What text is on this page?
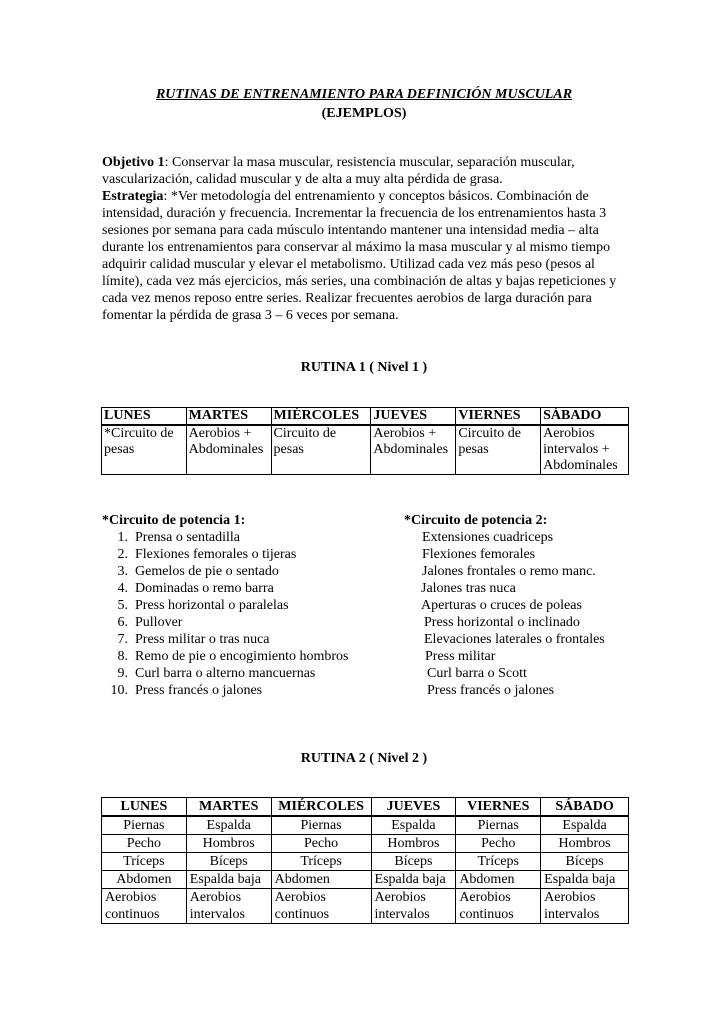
RUTINAS DE ENTRENAMIENTO PARA DEFINICIÓN MUSCULAR
(EJEMPLOS)

Objetivo 1: Conservar la masa muscular, resistencia muscular, separación muscular, vascularización, calidad muscular y de alta a muy alta pérdida de grasa.

Estrategia: *Ver metodología del entrenamiento y conceptos básicos. Combinación de intensidad, duración y frecuencia. Incrementar la frecuencia de los entrenamientos hasta 3 sesiones por semana para cada músculo intentando mantener una intensidad media – alta durante los entrenamientos para conservar al máximo la masa muscular y al mismo tiempo adquirir calidad muscular y elevar el metabolismo. Utilizad cada vez más peso (pesos al límite), cada vez más ejercicios, más series, una combinación de altas y bajas repeticiones y cada vez menos reposo entre series. Realizar frecuentes aerobios de larga duración para fomentar la pérdida de grasa 3 – 6 veces por semana.

RUTINA 1 ( Nivel 1 )
LUNES	MARTES	MIÉRCOLES	JUEVES	VIERNES	SÁBADO
*Circuito de pesas	Aerobios + Abdominales	Circuito de pesas	Aerobios + Abdominales	Circuito de pesas	Aerobios intervalos + Abdominales
*Circuito de potencia 1:
1. Prensa o sentadilla
2. Flexiones femorales o tijeras
3. Gemelos de pie o sentado
4. Dominadas o remo barra
5. Press horizontal o paralelas
6. Pullover
7. Press militar o tras nuca
8. Remo de pie o encogimiento hombros
9. Curl barra o alterno mancuernas
10. Press francés o jalones
*Circuito de potencia 2:
Extensiones cuadriceps
Flexiones femorales
Jalones frontales o remo manc.
Jalones tras nuca
Aperturas o cruces de poleas
Press horizontal o inclinado
Elevaciones laterales o frontales
Press militar
Curl barra o Scott
Press francés o jalones
RUTINA 2 ( Nivel 2 )
LUNES	MARTES	MIÉRCOLES	JUEVES	VIERNES	SÁBADO
Piernas	Espalda	Piernas	Espalda	Piernas	Espalda
Pecho	Hombros	Pecho	Hombros	Pecho	Hombros
Tríceps	Bíceps	Tríceps	Bíceps	Tríceps	Bíceps
Abdomen	Espalda baja	Abdomen	Espalda baja	Abdomen	Espalda baja
Aerobios continuos	Aerobios intervalos	Aerobios continuos	Aerobios intervalos	Aerobios continuos	Aerobios intervalos
